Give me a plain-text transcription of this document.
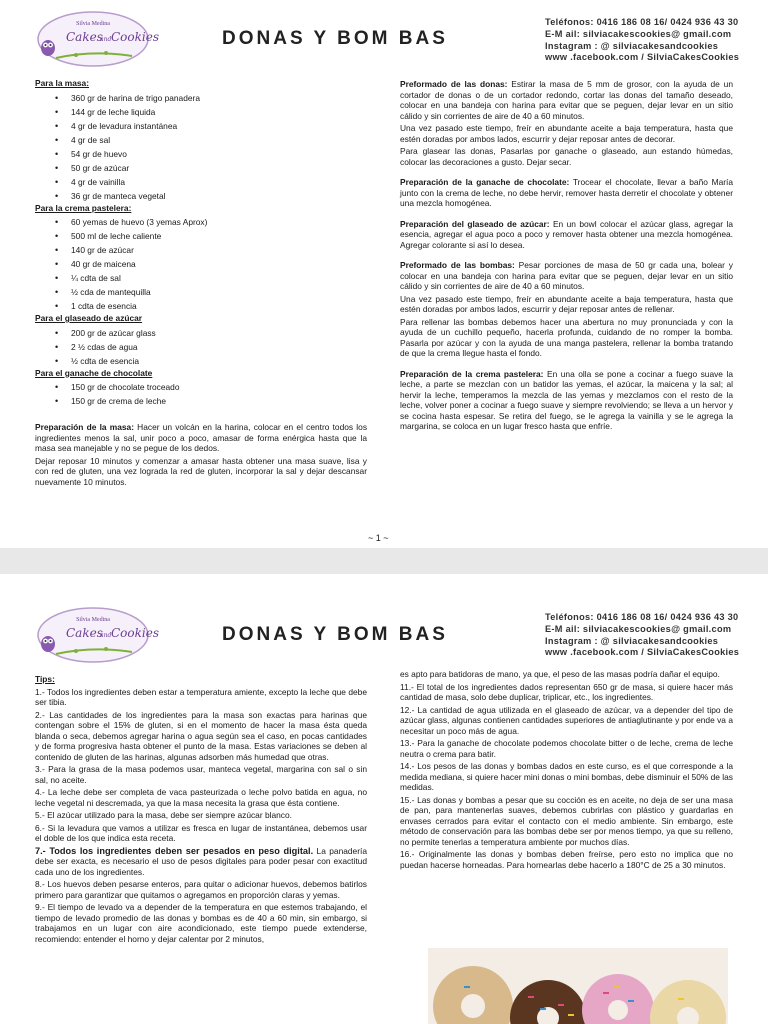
Silvia Medina
Cakes
and Cookies	DONAS Y BOM BAS
Teléfonos: 0416 186 08 16/ 0424 936 43 30
E-M ail: silviacakescookies@ gmail.com
Instagram : @ silviacakesandcookies
www .facebook.com / SilviaCakesCookies

Para la masa:

• 360 gr de harina de trigo panadera
• 144 gr de leche liquida
• 4 gr de levadura instantánea
• 4 gr de sal
• 54 gr de huevo
• 50 gr de azúcar
• 4 gr de vainilla
• 36 gr de manteca vegetal

Para la crema pastelera:

• 60 yemas de huevo (3 yemas Aprox)
• 500 ml de leche caliente
• 140 gr de azúcar
• 40 gr de maicena
• ¼ cdta de sal
• ½ cda de mantequilla
• 1 cdta de esencia

Para el glaseado de azúcar

• 200 gr de azúcar glass
• 2 ½ cdas de agua
• ½ cdta de esencia

Para el ganache de chocolate

• 150 gr de chocolate troceado
• 150 gr de crema de leche

Preparación de la masa: Hacer un volcán en la harina, colocar en el centro todos los ingredientes menos la sal, unir poco a poco, amasar de forma enérgica hasta que la masa sea manejable y no se pegue de los dedos.

Dejar reposar 10 minutos y comenzar a amasar hasta obtener una masa suave, lisa y con red de gluten, una vez lograda la red de gluten, incorporar la sal y dejar descansar nuevamente 10 minutos.

Preformado de las donas: Estirar la masa de 5 mm de grosor, con la ayuda de un cortador de donas o de un cortador redondo, cortar las donas del tamaño deseado, colocar en una bandeja con harina para evitar que se peguen, dejar levar en un sitio cálido y sin corrientes de aire de 40 a 60 minutos.

Una vez pasado este tiempo, freír en abundante aceite a baja temperatura, hasta que estén doradas por ambos lados, escurrir y dejar reposar antes de decorar.

Para glasear las donas, Pasarlas por ganache o glaseado, aun estando húmedas, colocar las decoraciones a gusto. Dejar secar.

Preparación de la ganache de chocolate: Trocear el chocolate, llevar a baño María junto con la crema de leche, no debe hervir, remover hasta derretir el chocolate y obtener una mezcla homogénea.

Preparación del glaseado de azúcar: En un bowl colocar el azúcar glass, agregar la esencia, agregar el agua poco a poco y remover hasta obtener una mezcla homogénea. Agregar colorante si así lo desea.

Preformado de las bombas: Pesar porciones de masa de 50 gr cada una, bolear y colocar en una bandeja con harina para evitar que se peguen, dejar levar en un sitio cálido y sin corrientes de aire de 40 a 60 minutos.

Una vez pasado este tiempo, freír en abundante aceite a baja temperatura, hasta que estén doradas por ambos lados, escurrir y dejar reposar antes de rellenar.

Para rellenar las bombas debemos hacer una abertura no muy pronunciada y con la ayuda de un cuchillo pequeño, hacerla profunda, cuidando de no romper la bomba. Pasarla por azúcar y con la ayuda de una manga pastelera, rellenar la bomba tratando de que la crema llegue hasta el fondo.

Preparación de la crema pastelera: En una olla se pone a cocinar a fuego suave la leche, a parte se mezclan con un batidor las yemas, el azúcar, la maicena y la sal; al hervir la leche, temperamos la mezcla de las yemas y mezclamos con el resto de la leche, volver poner a cocinar a fuego suave y siempre revolviendo; se lleva a un hervor y se cocina hasta espesar. Se retira del fuego, se le agrega la vainilla y se le agrega la margarina, se coloca en un lugar fresco hasta que enfríe.

~ 1 ~
Silvia Medina
Cakes
and Cookies	DONAS Y BOM BAS
Teléfonos: 0416 186 08 16/ 0424 936 43 30
E-M ail: silviacakescookies@ gmail.com
Instagram : @ silviacakesandcookies
www .facebook.com / SilviaCakesCookies

Tips:

1.- Todos los ingredientes deben estar a temperatura amiente, excepto la leche que debe ser tibia.

2.- Las cantidades de los ingredientes para la masa son exactas para harinas que contengan sobre el 15% de gluten, si en el momento de hacer la masa ésta queda blanda o seca, debemos agregar harina o agua según sea el caso, en pocas cantidades y de forma progresiva hasta obtener el punto de la masa. Estas variaciones se deben al contenido de gluten de las harinas, algunas adsorben más humedad que otras.

3.- Para la grasa de la masa podemos usar, manteca vegetal, margarina con sal o sin sal, no aceite.

4.- La leche debe ser completa de vaca pasteurizada o leche polvo batida en agua, no leche vegetal ni descremada, ya que la masa necesita la grasa que ésta contiene.

5.- El azúcar utilizado para la masa, debe ser siempre azúcar blanco.

6.- Si la levadura que vamos a utilizar es fresca en lugar de instantánea, debemos usar el doble de los que indica esta receta.

7.- Todos los ingredientes deben ser pesados en peso digital. La panadería debe ser exacta, es necesario el uso de pesos digitales para poder pesar con exactitud cada uno de los ingredientes.

8.- Los huevos deben pesarse enteros, para quitar o adicionar huevos, debemos batirlos primero para garantizar que quitamos o agregamos en proporción claras y yemas.

9.- El tiempo de levado va a depender de la temperatura en que estemos trabajando, el tiempo de levado promedio de las donas y bombas es de 40 a 60 min, sin embargo, si trabajamos en un lugar con aire acondicionado, este tiempo puede extenderse, recomiendo: entender el horno y dejar calentar por 2 minutos,

es apto para batidoras de mano, ya que, el peso de las masas podría dañar el equipo.

11.- El total de los ingredientes dados representan 650 gr de masa, si quiere hacer más cantidad de masa, solo debe duplicar, triplicar, etc., los ingredientes.

12.- La cantidad de agua utilizada en el glaseado de azúcar, va a depender del tipo de azúcar glass, algunas contienen cantidades superiores de antiaglutinante y por ende va a necesitar un poco más de agua.

13.- Para la ganache de chocolate podemos chocolate bitter o de leche, crema de leche neutra o crema para batir.

14.- Los pesos de las donas y bombas dados en este curso, es el que corresponde a la medida mediana, si quiere hacer mini donas o mini bombas, debe disminuir el 50% de las medidas.

15.- Las donas y bombas a pesar que su cocción es en aceite, no deja de ser una masa de pan, para mantenerlas suaves, debemos cubrirlas con plástico y guardarlas en envases cerrados para evitar el contacto con el medio ambiente. Sin embargo, este método de conservación para las bombas debe ser por menos tiempo, ya que su relleno, no permite tenerlas a temperatura ambiente por muchos días.

16.- Originalmente las donas y bombas deben freírse, pero esto no implica que no puedan hacerse horneadas. Para hornearlas debe hacerlo a 180°C de 25 a 30 minutos.
